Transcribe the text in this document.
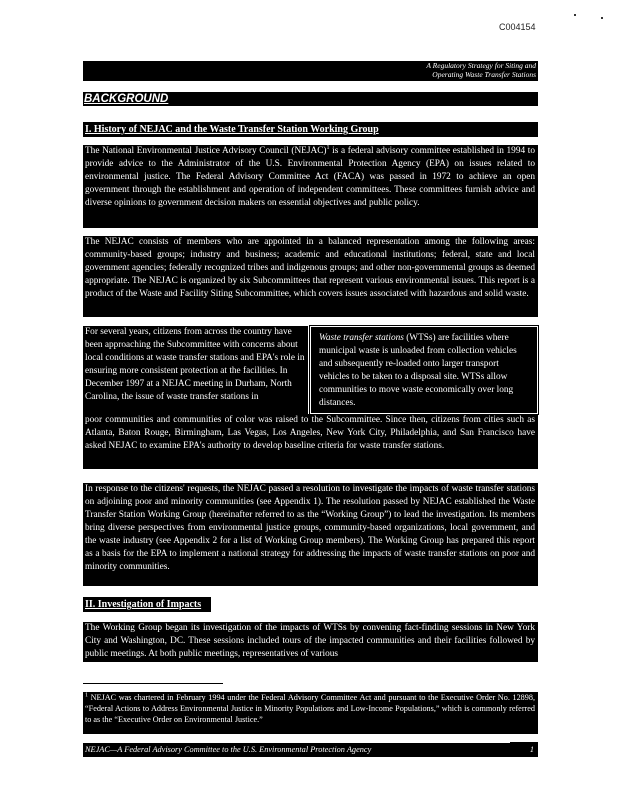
C004154
A Regulatory Strategy for Siting and
Operating Waste Transfer Stations
BACKGROUND
I. History of NEJAC and the Waste Transfer Station Working Group
The National Environmental Justice Advisory Council (NEJAC)$^1$ is a federal advisory committee established in 1994 to provide advice to the Administrator of the U.S. Environmental Protection Agency (EPA) on issues related to environmental justice. The Federal Advisory Committee Act (FACA) was passed in 1972 to achieve an open government through the establishment and operation of independent committees. These committees furnish advice and diverse opinions to government decision makers on essential objectives and public policy.
The NEJAC consists of members who are appointed in a balanced representation among the following areas: community-based groups; industry and business; academic and educational institutions; federal, state and local government agencies; federally recognized tribes and indigenous groups; and other non-governmental groups as deemed appropriate. The NEJAC is organized by six Subcommittees that represent various environmental issues. This report is a product of the Waste and Facility Siting Subcommittee, which covers issues associated with hazardous and solid waste.
For several years, citizens from across the country have been approaching the Subcommittee with concerns about local conditions at waste transfer stations and EPA's role in ensuring more consistent protection at the facilities. In December 1997 at a NEJAC meeting in Durham, North Carolina, the issue of waste transfer stations in
Waste transfer stations (WTSs) are facilities where municipal waste is unloaded from collection vehicles and subsequently re-loaded onto larger transport vehicles to be taken to a disposal site. WTSs allow communities to move waste economically over long distances.
poor communities and communities of color was raised to the Subcommittee. Since then, citizens from cities such as Atlanta, Baton Rouge, Birmingham, Las Vegas, Los Angeles, New York City, Philadelphia, and San Francisco have asked NEJAC to examine EPA's authority to develop baseline criteria for waste transfer stations.
In response to the citizens' requests, the NEJAC passed a resolution to investigate the impacts of waste transfer stations on adjoining poor and minority communities (see Appendix 1). The resolution passed by NEJAC established the Waste Transfer Station Working Group (hereinafter referred to as the “Working Group”) to lead the investigation. Its members bring diverse perspectives from environmental justice groups, community-based organizations, local government, and the waste industry (see Appendix 2 for a list of Working Group members). The Working Group has prepared this report as a basis for the EPA to implement a national strategy for addressing the impacts of waste transfer stations on poor and minority communities.
II. Investigation of Impacts
The Working Group began its investigation of the impacts of WTSs by convening fact-finding sessions in New York City and Washington, DC. These sessions included tours of the impacted communities and their facilities followed by public meetings. At both public meetings, representatives of various
$^1$ NEJAC was chartered in February 1994 under the Federal Advisory Committee Act and pursuant to the Executive Order No. 12898, “Federal Actions to Address Environmental Justice in Minority Populations and Low-Income Populations,” which is commonly referred to as the “Executive Order on Environmental Justice.”
NEJAC—A Federal Advisory Committee to the U.S. Environmental Protection Agency	1
